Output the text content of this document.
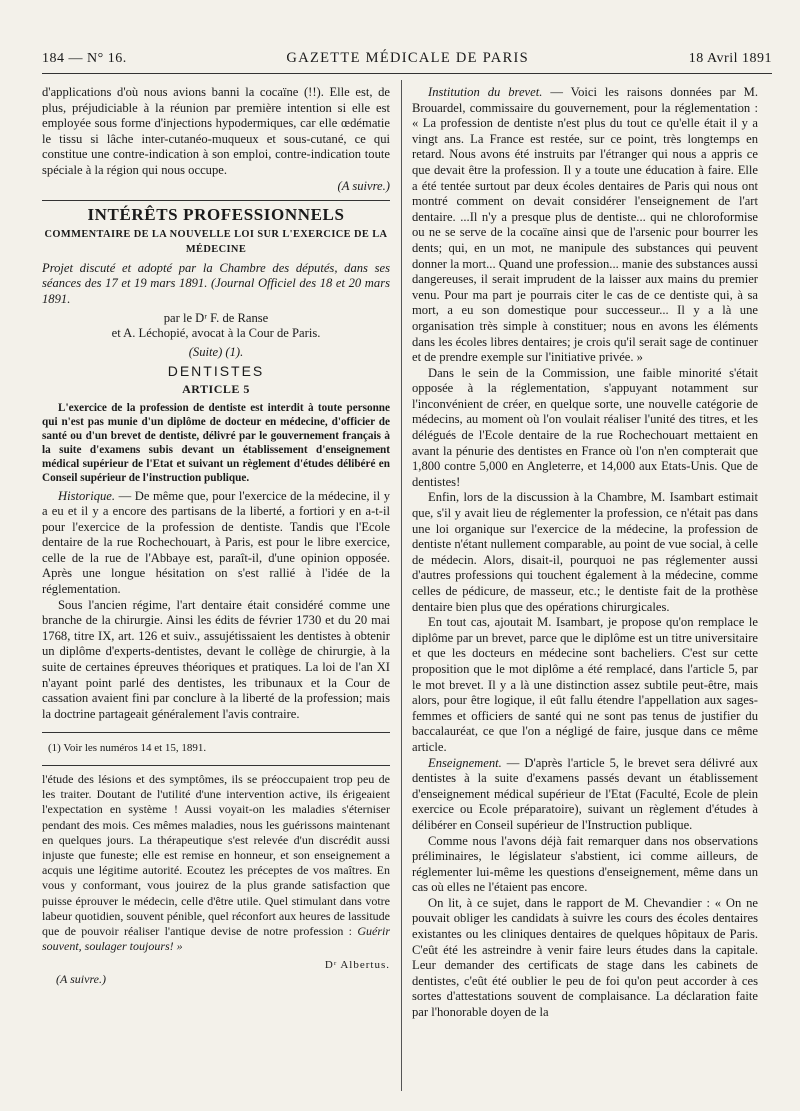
184 — N° 16.	GAZETTE MÉDICALE DE PARIS	18 Avril 1891

d'applications d'où nous avions banni la cocaïne (!!). Elle est, de plus, préjudiciable à la réunion par première intention si elle est employée sous forme d'injections hypodermiques, car elle œdématie le tissu si lâche inter-cutanéo-muqueux et sous-cutané, ce qui constitue une contre-indication à son emploi, contre-indication toute spéciale à la région qui nous occupe.

(A suivre.)
INTÉRÊTS PROFESSIONNELS
COMMENTAIRE DE LA NOUVELLE LOI SUR L'EXERCICE DE LA MÉDECINE

Projet discuté et adopté par la Chambre des députés, dans ses séances des 17 et 19 mars 1891. (Journal Officiel des 18 et 20 mars 1891.

par le Dʳ F. de Ranse
et A. Léchopié, avocat à la Cour de Paris.
(Suite) (1).
DENTISTES
ARTICLE 5

L'exercice de la profession de dentiste est interdit à toute personne qui n'est pas munie d'un diplôme de docteur en médecine, d'officier de santé ou d'un brevet de dentiste, délivré par le gouvernement français à la suite d'examens subis devant un établissement d'enseignement médical supérieur de l'Etat et suivant un règlement d'études délibéré en Conseil supérieur de l'instruction publique.

Historique. — De même que, pour l'exercice de la médecine, il y a eu et il y a encore des partisans de la liberté, a fortiori y en a-t-il pour l'exercice de la profession de dentiste. Tandis que l'Ecole dentaire de la rue Rochechouart, à Paris, est pour le libre exercice, celle de la rue de l'Abbaye est, paraît-il, d'une opinion opposée. Après une longue hésitation on s'est rallié à l'idée de la réglementation.

Sous l'ancien régime, l'art dentaire était considéré comme une branche de la chirurgie. Ainsi les édits de février 1730 et du 20 mai 1768, titre IX, art. 126 et suiv., assujétissaient les dentistes à obtenir un diplôme d'experts-dentistes, devant le collège de chirurgie, à la suite de certaines épreuves théoriques et pratiques. La loi de l'an XI n'ayant point parlé des dentistes, les tribunaux et la Cour de cassation avaient fini par conclure à la liberté de la profession; mais la doctrine partageait généralement l'avis contraire.

(1) Voir les numéros 14 et 15, 1891.

l'étude des lésions et des symptômes, ils se préoccupaient trop peu de les traiter. Doutant de l'utilité d'une intervention active, ils érigeaient l'expectation en système ! Aussi voyait-on les maladies s'éterniser pendant des mois. Ces mêmes maladies, nous les guérissons maintenant en quelques jours. La thérapeutique s'est relevée d'un discrédit aussi injuste que funeste; elle est remise en honneur, et son enseignement a acquis une légitime autorité. Ecoutez les préceptes de vos maîtres. En vous y conformant, vous jouirez de la plus grande satisfaction que puisse éprouver le médecin, celle d'être utile. Quel stimulant dans votre labeur quotidien, souvent pénible, quel réconfort aux heures de lassitude que de pouvoir réaliser l'antique devise de notre profession : Guérir souvent, soulager toujours! »

Dʳ Albertus.
(A suivre.)

Institution du brevet. — Voici les raisons données par M. Brouardel, commissaire du gouvernement, pour la réglementation : « La profession de dentiste n'est plus du tout ce qu'elle était il y a vingt ans. La France est restée, sur ce point, très longtemps en retard. Nous avons été instruits par l'étranger qui nous a appris ce que devait être la profession. Il y a toute une éducation à faire. Elle a été tentée surtout par deux écoles dentaires de Paris qui nous ont montré comment on devait considérer l'enseignement de l'art dentaire. ...Il n'y a presque plus de dentiste... qui ne chloroformise ou ne se serve de la cocaïne ainsi que de l'arsenic pour bourrer les dents; qui, en un mot, ne manipule des substances qui peuvent donner la mort... Quand une profession... manie des substances aussi dangereuses, il serait imprudent de la laisser aux mains du premier venu. Pour ma part je pourrais citer le cas de ce dentiste qui, à sa mort, a eu son domestique pour successeur... Il y a là une organisation très simple à constituer; nous en avons les éléments dans les écoles libres dentaires; je crois qu'il serait sage de continuer et de prendre exemple sur l'initiative privée. »

Dans le sein de la Commission, une faible minorité s'était opposée à la réglementation, s'appuyant notamment sur l'inconvénient de créer, en quelque sorte, une nouvelle catégorie de médecins, au moment où l'on voulait réaliser l'unité des titres, et les délégués de l'Ecole dentaire de la rue Rochechouart mettaient en avant la pénurie des dentistes en France où l'on n'en compterait que 1,800 contre 5,000 en Angleterre, et 14,000 aux Etats-Unis. Que de dentistes!

Enfin, lors de la discussion à la Chambre, M. Isambart estimait que, s'il y avait lieu de réglementer la profession, ce n'était pas dans une loi organique sur l'exercice de la médecine, la profession de dentiste n'étant nullement comparable, au point de vue social, à celle de médecin. Alors, disait-il, pourquoi ne pas réglementer aussi d'autres professions qui touchent également à la médecine, comme celles de pédicure, de masseur, etc.; le dentiste fait de la prothèse dentaire bien plus que des opérations chirurgicales.

En tout cas, ajoutait M. Isambart, je propose qu'on remplace le diplôme par un brevet, parce que le diplôme est un titre universitaire et que les docteurs en médecine sont bacheliers. C'est sur cette proposition que le mot diplôme a été remplacé, dans l'article 5, par le mot brevet. Il y a là une distinction assez subtile peut-être, mais alors, pour être logique, il eût fallu étendre l'appellation aux sages-femmes et officiers de santé qui ne sont pas tenus de justifier du baccalauréat, ce que l'on a négligé de faire, jusque dans ce même article.

Enseignement. — D'après l'article 5, le brevet sera délivré aux dentistes à la suite d'examens passés devant un établissement d'enseignement médical supérieur de l'Etat (Faculté, Ecole de plein exercice ou Ecole préparatoire), suivant un règlement d'études à délibérer en Conseil supérieur de l'Instruction publique.

Comme nous l'avons déjà fait remarquer dans nos observations préliminaires, le législateur s'abstient, ici comme ailleurs, de réglementer lui-même les questions d'enseignement, même dans un cas où elles ne l'étaient pas encore.

On lit, à ce sujet, dans le rapport de M. Chevandier : « On ne pouvait obliger les candidats à suivre les cours des écoles dentaires existantes ou les cliniques dentaires de quelques hôpitaux de Paris. C'eût été les astreindre à venir faire leurs études dans la capitale. Leur demander des certificats de stage dans les cabinets de dentistes, c'eût été oublier le peu de foi qu'on peut accorder à ces sortes d'attestations souvent de complaisance. La déclaration faite par l'honorable doyen de la
